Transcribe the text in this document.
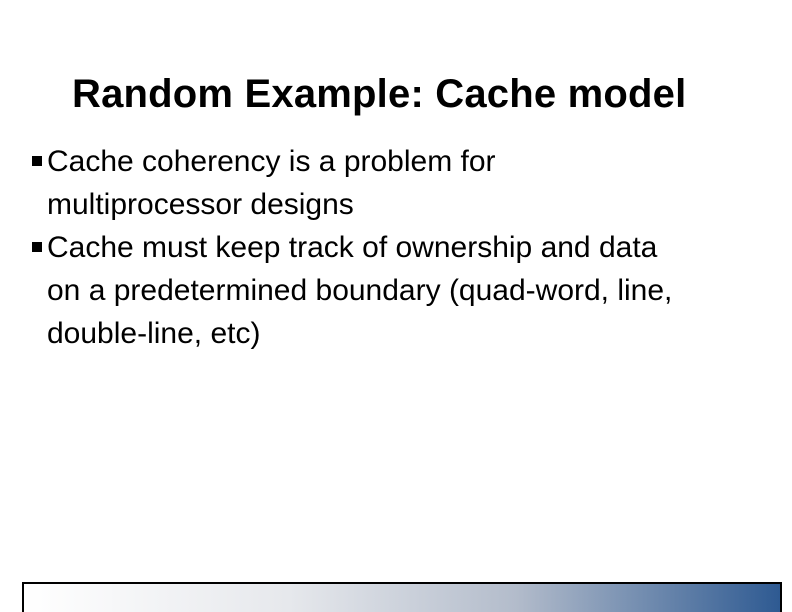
Random Example: Cache model
Cache coherency is a problem for
multiprocessor designs
Cache must keep track of ownership and data
on a predetermined boundary (quad-word, line,
double-line, etc)
